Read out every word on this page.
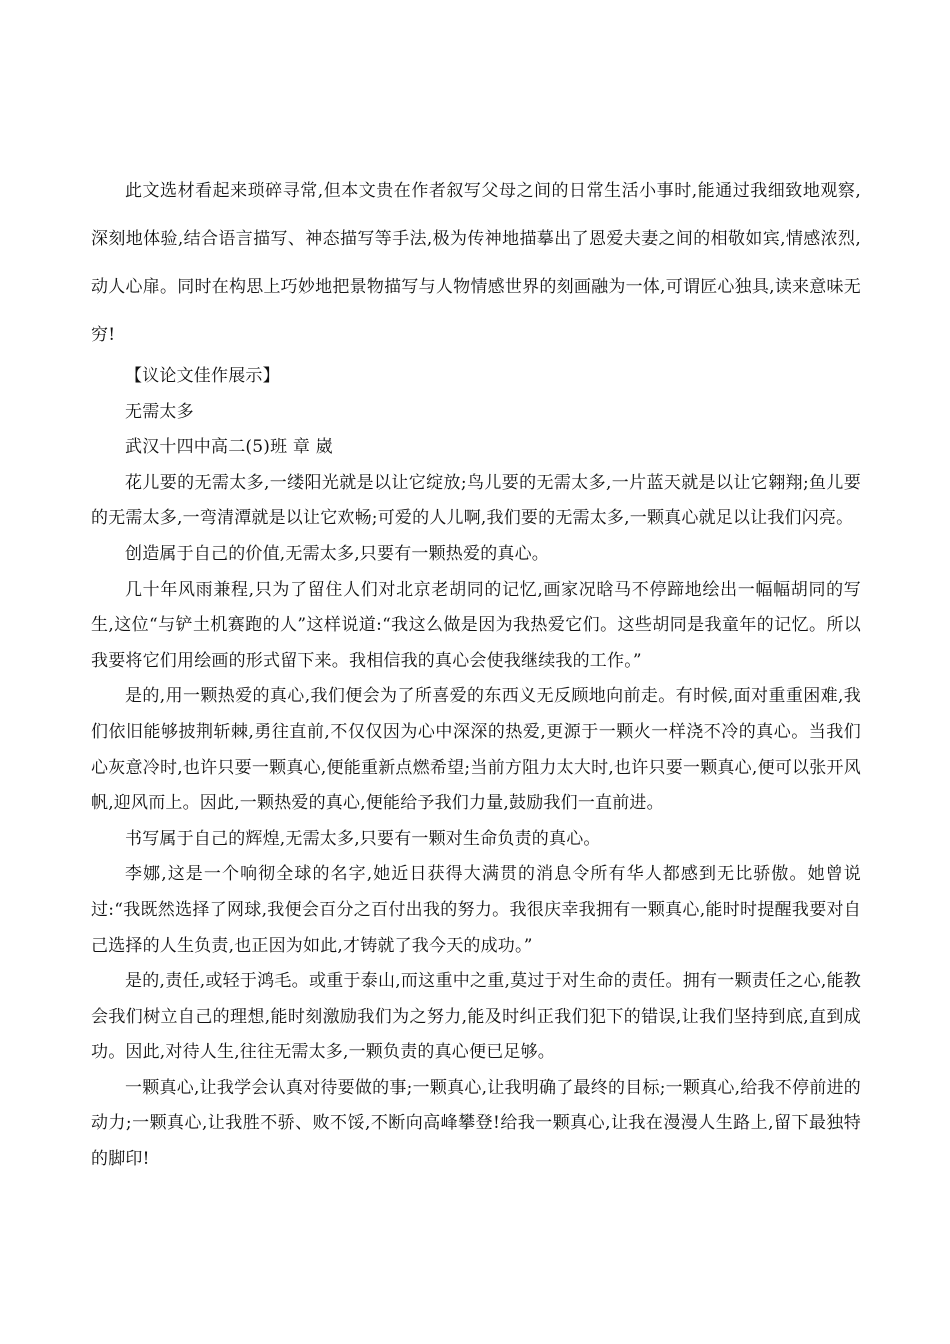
此文选材看起来琐碎寻常,但本文贵在作者叙写父母之间的日常生活小事时,能通过我细致地观察,深刻地体验,结合语言描写、神态描写等手法,极为传神地描摹出了恩爱夫妻之间的相敬如宾,情感浓烈,动人心扉。同时在构思上巧妙地把景物描写与人物情感世界的刻画融为一体,可谓匠心独具,读来意味无穷!

【议论文佳作展示】

无需太多

武汉十四中高二(5)班 章 崴

花儿要的无需太多,一缕阳光就是以让它绽放;鸟儿要的无需太多,一片蓝天就是以让它翱翔;鱼儿要的无需太多,一弯清潭就是以让它欢畅;可爱的人儿啊,我们要的无需太多,一颗真心就足以让我们闪亮。

创造属于自己的价值,无需太多,只要有一颗热爱的真心。

几十年风雨兼程,只为了留住人们对北京老胡同的记忆,画家况晗马不停蹄地绘出一幅幅胡同的写生,这位“与铲土机赛跑的人”这样说道:“我这么做是因为我热爱它们。这些胡同是我童年的记忆。所以我要将它们用绘画的形式留下来。我相信我的真心会使我继续我的工作。”

是的,用一颗热爱的真心,我们便会为了所喜爱的东西义无反顾地向前走。有时候,面对重重困难,我们依旧能够披荆斩棘,勇往直前,不仅仅因为心中深深的热爱,更源于一颗火一样浇不冷的真心。当我们心灰意冷时,也许只要一颗真心,便能重新点燃希望;当前方阻力太大时,也许只要一颗真心,便可以张开风帆,迎风而上。因此,一颗热爱的真心,便能给予我们力量,鼓励我们一直前进。

书写属于自己的辉煌,无需太多,只要有一颗对生命负责的真心。

李娜,这是一个响彻全球的名字,她近日获得大满贯的消息令所有华人都感到无比骄傲。她曾说过:“我既然选择了网球,我便会百分之百付出我的努力。我很庆幸我拥有一颗真心,能时时提醒我要对自己选择的人生负责,也正因为如此,才铸就了我今天的成功。”

是的,责任,或轻于鸿毛。或重于泰山,而这重中之重,莫过于对生命的责任。拥有一颗责任之心,能教会我们树立自己的理想,能时刻激励我们为之努力,能及时纠正我们犯下的错误,让我们坚持到底,直到成功。因此,对待人生,往往无需太多,一颗负责的真心便已足够。

一颗真心,让我学会认真对待要做的事;一颗真心,让我明确了最终的目标;一颗真心,给我不停前进的动力;一颗真心,让我胜不骄、败不馁,不断向高峰攀登!给我一颗真心,让我在漫漫人生路上,留下最独特的脚印!
